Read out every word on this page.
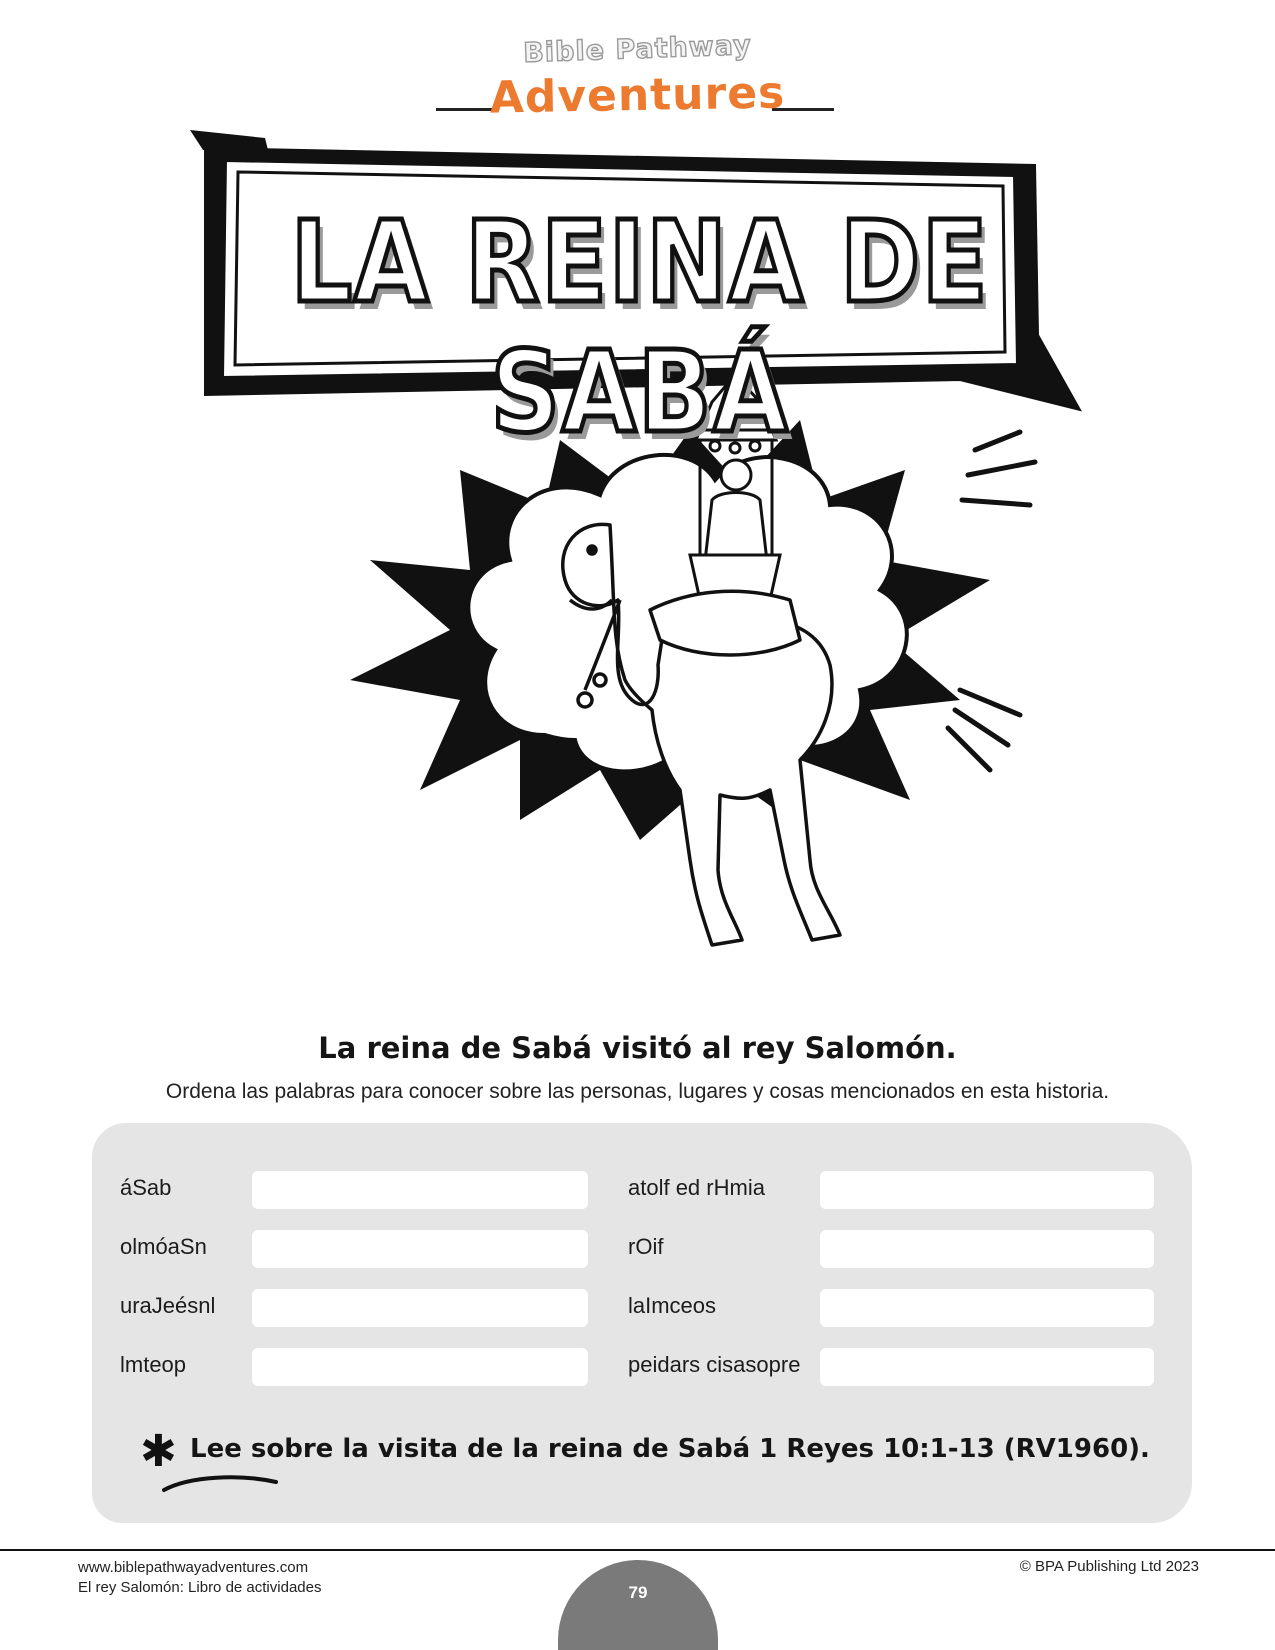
Bible Pathway
Adventures
LA REINA DE SABÁ
La reina de Sabá visitó al rey Salomón.
Ordena las palabras para conocer sobre las personas, lugares y cosas mencionados en esta historia.
áSab
olmóaSn
uraJeésnl
lmteop
atolf ed rHmia
rOif
laImceos
peidars cisasopre
✱ Lee sobre la visita de la reina de Sabá 1 Reyes 10:1-13 (RV1960).
www.biblepathwayadventures.com
El rey Salomón: Libro de actividades
© BPA Publishing Ltd 2023
79
